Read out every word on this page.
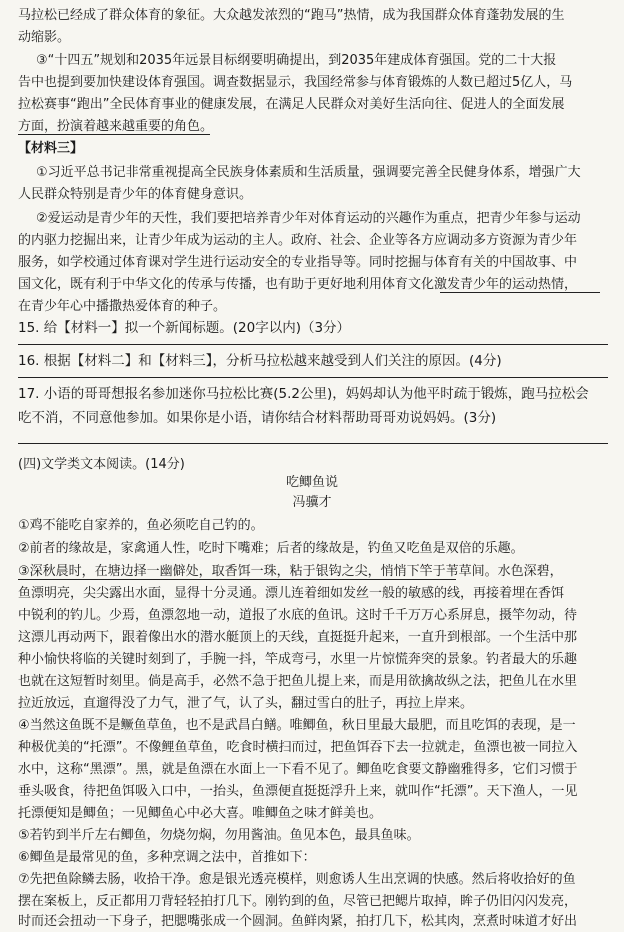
马拉松已经成了群众体育的象征。大众越发浓烈的“跑马”热情，成为我国群众体育蓬勃发展的生
动缩影。
③“十四五”规划和2035年远景目标纲要明确提出，到2035年建成体育强国。党的二十大报
告中也提到要加快建设体育强国。调查数据显示，我国经常参与体育锻炼的人数已超过5亿人，马
拉松赛事“跑出”全民体育事业的健康发展，在满足人民群众对美好生活向往、促进人的全面发展
方面，扮演着越来越重要的角色。
【材料三】
①习近平总书记非常重视提高全民族身体素质和生活质量，强调要完善全民健身体系，增强广大
人民群众特别是青少年的体育健身意识。
②爱运动是青少年的天性，我们要把培养青少年对体育运动的兴趣作为重点，把青少年参与运动
的内驱力挖掘出来，让青少年成为运动的主人。政府、社会、企业等各方应调动多方资源为青少年
服务，如学校通过体育课对学生进行运动安全的专业指导等。同时挖掘与体育有关的中国故事、中
国文化，既有利于中华文化的传承与传播，也有助于更好地利用体育文化激发青少年的运动热情，
在青少年心中播撒热爱体育的种子。
15. 给【材料一】拟一个新闻标题。(20字以内)（3分）
16. 根据【材料二】和【材料三】，分析马拉松越来越受到人们关注的原因。(4分)
17. 小语的哥哥想报名参加迷你马拉松比赛(5.2公里)，妈妈却认为他平时疏于锻炼，跑马拉松会
吃不消，不同意他参加。如果你是小语，请你结合材料帮助哥哥劝说妈妈。(3分)
(四)文学类文本阅读。(14分)
吃鲫鱼说
冯骥才
①鸡不能吃自家养的，鱼必须吃自己钓的。
②前者的缘故是，家禽通人性，吃时下嘴难；后者的缘故是，钓鱼又吃鱼是双倍的乐趣。
③深秋晨时，在塘边择一幽僻处，取香饵一珠，粘于银钩之尖，悄悄下竿于苇草间。水色深碧，
鱼漂明亮，尖尖露出水面，显得十分灵通。漂儿连着细如发丝一般的敏感的线，再接着埋在香饵
中锐利的钓儿。少焉，鱼漂忽地一动，道报了水底的鱼讯。这时千千万万心系屏息，摄竿勿动，待
这漂儿再动两下，跟着像出水的潜水艇顶上的天线，直挺挺升起来，一直升到根部。一个生活中那
种小愉快将临的关键时刻到了，手腕一抖，竿成弯弓，水里一片惊慌奔突的景象。钓者最大的乐趣
也就在这短暂时刻里。倘是高手，必然不急于把鱼儿提上来，而是用欲擒故纵之法，把鱼儿在水里
拉近放远，直遛得没了力气，泄了气，认了头，翻过雪白的肚子，再拉上岸来。
④当然这鱼既不是鳜鱼草鱼，也不是武昌白鳝。唯鲫鱼，秋日里最大最肥，而且吃饵的表现，是一
种极优美的“托漂”。不像鲤鱼草鱼，吃食时横扫而过，把鱼饵吞下去一拉就走，鱼漂也被一同拉入
水中，这称“黑漂”。黑，就是鱼漂在水面上一下看不见了。鲫鱼吃食要文静幽雅得多，它们习惯于
垂头吸食，待把鱼饵吸入口中，一抬头，鱼漂便直挺挺浮升上来，就叫作“托漂”。天下渔人，一见
托漂便知是鲫鱼；一见鲫鱼心中必大喜。唯鲫鱼之味才鲜美也。
⑤若钓到半斤左右鲫鱼，勿烧勿焖，勿用酱油。鱼见本色，最具鱼味。
⑥鲫鱼是最常见的鱼，多种烹调之法中，首推如下：
⑦先把鱼除鳞去肠，收拾干净。愈是银光透亮模样，则愈诱人生出烹调的快感。然后将收拾好的鱼
摆在案板上，反正都用刀背轻轻拍打几下。刚钓到的鱼，尽管已把鳃片取掉，眸子仍旧闪闪发亮，
时而还会扭动一下身子，把腮嘴张成一个圆洞。鱼鲜肉紧，拍打几下，松其肉，烹煮时味道才好出
